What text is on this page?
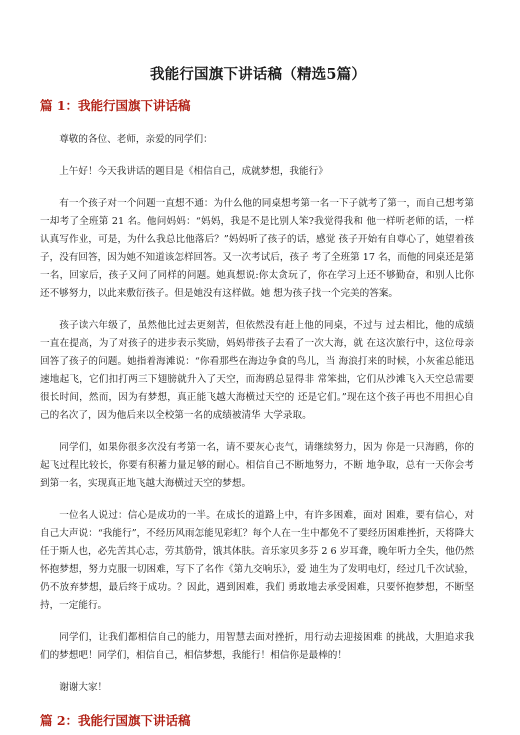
我能行国旗下讲话稿（精选5篇）
篇 1：我能行国旗下讲话稿

尊敬的各位、老师，亲爱的同学们：

上午好！今天我讲话的题目是《相信自己，成就梦想，我能行》

有一个孩子对一个问题一直想不通：为什么他的同桌想考第一名一下子就考了第一，而自己想考第一却考了全班第 21 名。他问妈妈：“妈妈，我是不是比别人笨?我觉得我和 他一样听老师的话，一样认真写作业，可是，为什么我总比他落后？”妈妈听了孩子的话，感觉 孩子开始有自尊心了，她望着孩子，没有回答，因为她不知道该怎样回答。又一次考试后，孩子 考了全班第 17 名，而他的同桌还是第一名，回家后，孩子又问了同样的问题。她真想说:你太贪玩了，你在学习上还不够勤奋，和别人比你还不够努力，以此来敷衍孩子。但是她没有这样做。她 想为孩子找一个完美的答案。

孩子读六年级了，虽然他比过去更刻苦，但依然没有赶上他的同桌，不过与 过去相比，他的成绩一直在提高，为了对孩子的进步表示奖励，妈妈带孩子去看了一次大海，就 在这次旅行中，这位母亲回答了孩子的问题。她指着海滩说：“你看那些在海边争食的鸟儿，当 海浪打来的时候，小灰雀总能迅速地起飞，它们扣打两三下翅膀就升入了天空，而海鸥总显得非 常笨拙，它们从沙滩飞入天空总需要很长时间，然而，因为有梦想，真正能飞越大海横过天空的 还是它们。”现在这个孩子再也不用担心自己的名次了，因为他后来以全校第一名的成绩被清华 大学录取。

同学们，如果你很多次没有考第一名，请不要灰心丧气，请继续努力，因为 你是一只海鸥，你的起飞过程比较长，你要有积蓄力量足够的耐心。相信自己不断地努力，不断 地争取，总有一天你会考到第一名，实现真正地飞越大海横过天空的梦想。

一位名人说过：信心是成功的一半。在成长的道路上中，有许多困难，面对 困难，要有信心，对自己大声说：“我能行”，不经历风雨怎能见彩虹？每个人在一生中都免不了要经历困难挫折，天将降大任于斯人也，必先苦其心志，劳其筋骨，饿其体肤。音乐家贝多芬 2 6 岁耳聋，晚年听力全失，他仍然怀抱梦想，努力克服一切困难，写下了名作《第九交响乐》，爱 迪生为了发明电灯，经过几千次试验，仍不放弃梦想，最后终于成功。？因此，遇到困难，我们 勇敢地去承受困难，只要怀抱梦想，不断坚持，一定能行。

同学们，让我们都相信自己的能力，用智慧去面对挫折，用行动去迎接困难 的挑战，大胆追求我们的梦想吧！同学们，相信自己，相信梦想，我能行！相信你是最棒的！

谢谢大家！

篇 2：我能行国旗下讲话稿
